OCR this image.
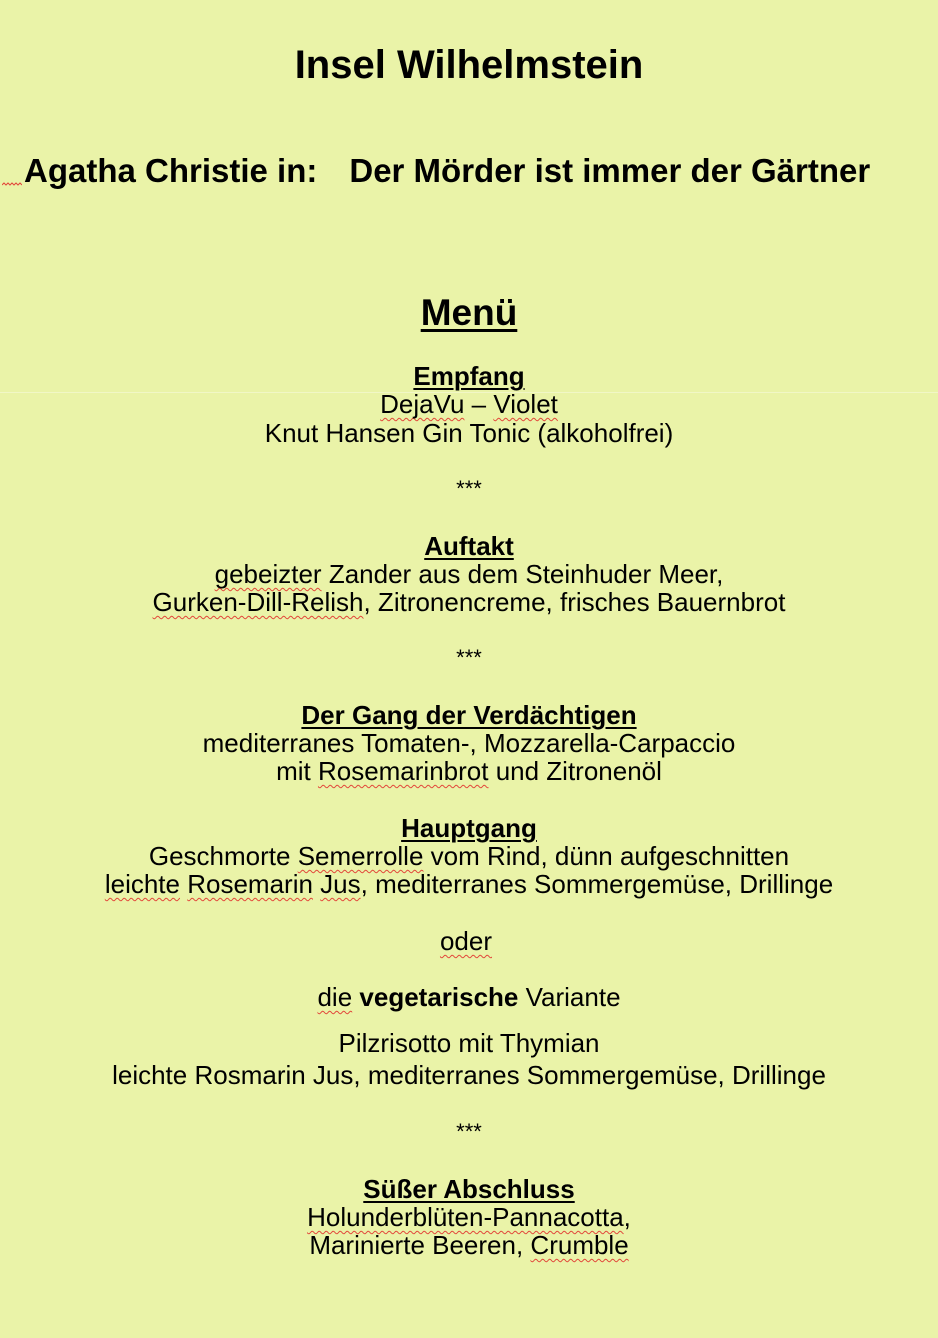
Insel Wilhelmstein
Agatha Christie in: Der Mörder ist immer der Gärtner
Menü
Empfang
DejaVu – Violet
Knut Hansen Gin Tonic (alkoholfrei)
***
Auftakt
gebeizter Zander aus dem Steinhuder Meer,
Gurken-Dill-Relish, Zitronencreme, frisches Bauernbrot
***
Der Gang der Verdächtigen
mediterranes Tomaten-, Mozzarella-Carpaccio
mit Rosemarinbrot und Zitronenöl
Hauptgang
Geschmorte Semerrolle vom Rind, dünn aufgeschnitten
leichte Rosemarin Jus, mediterranes Sommergemüse, Drillinge
oder
die vegetarische Variante
Pilzrisotto mit Thymian
leichte Rosmarin Jus, mediterranes Sommergemüse, Drillinge
***
Süßer Abschluss
Holunderblüten-Pannacotta,
Marinierte Beeren, Crumble
